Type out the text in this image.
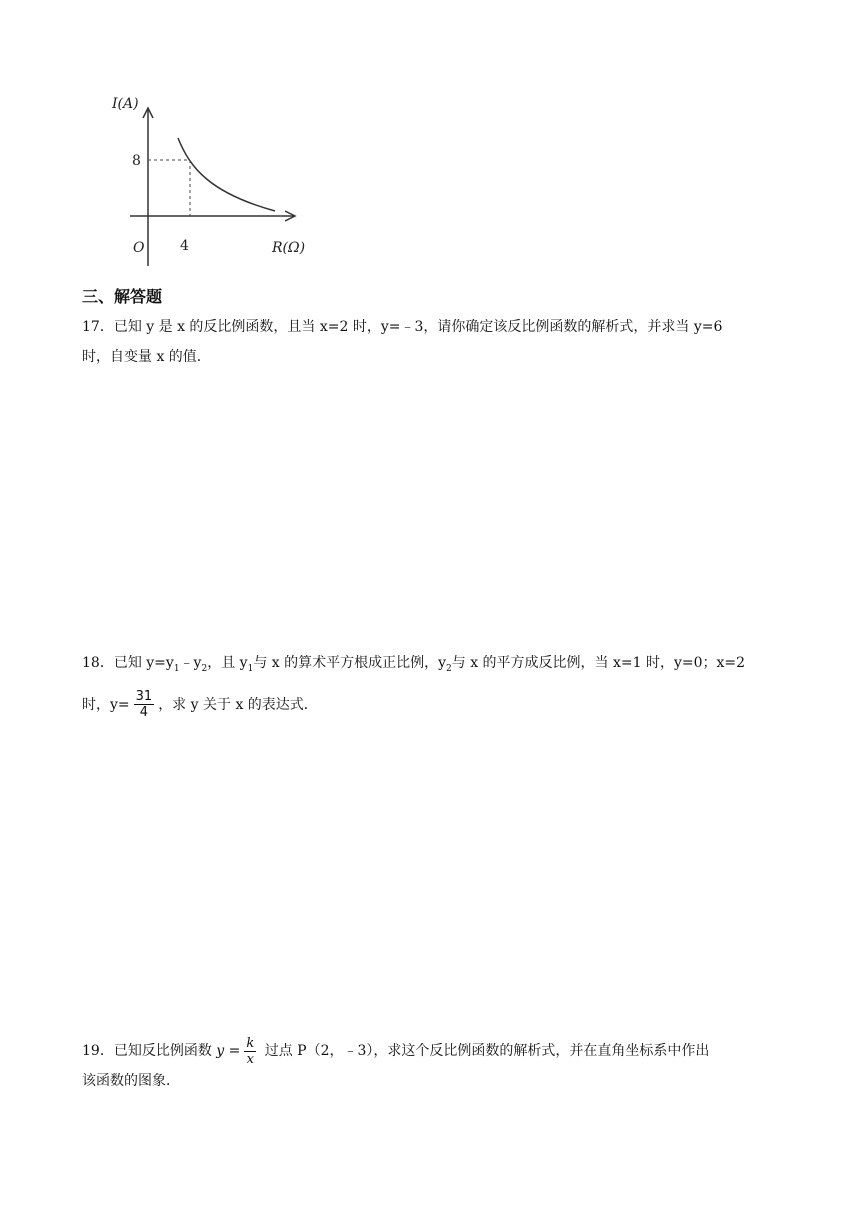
I(A)
R(Ω)
O
8
4
三、解答题
17．已知 y 是 x 的反比例函数，且当 x=2 时，y=﹣3，请你确定该反比例函数的解析式，并求当 y=6
时，自变量 x 的值．
18．已知 $y=y_1﹣y_2$，且 $y_1$与 x 的算术平方根成正比例，$y_2$与 x 的平方成反比例，当 x=1 时，y=0；x=2
时，$y= \frac{31}{4}$ ，求 y 关于 x 的表达式．
19．已知反比例函数 $y = \frac{k}{x}$ 过点 P（2，﹣3），求这个反比例函数的解析式，并在直角坐标系中作出
该函数的图象．
